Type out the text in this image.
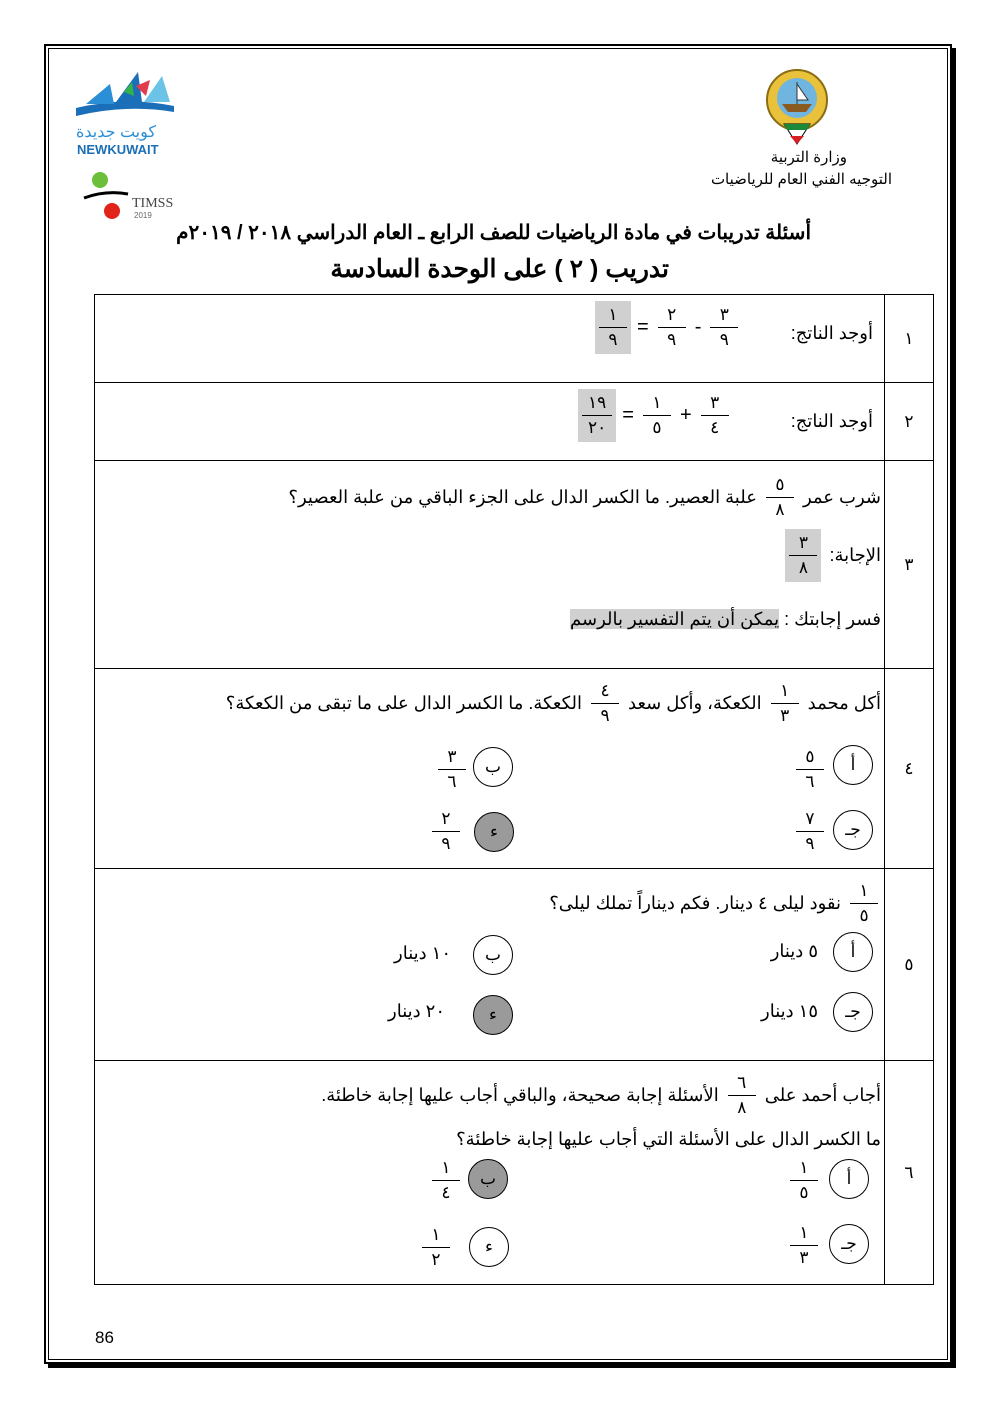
وزارة التربية
التوجيه الفني العام للرياضيات
كويت جديدة
NEWKUWAIT
TIMSS
2019
أسئلة تدريبات في مادة الرياضيات للصف الرابع ـ العام الدراسي ٢٠١٨ / ٢٠١٩م
تدريب ( ٢ ) على الوحدة السادسة
١
أوجد الناتج:
$\frac{١}{٩} = \frac{٢}{٩} - \frac{٣}{٩}$
٢
أوجد الناتج:
$\frac{١٩}{٢٠} = \frac{١}{٥} + \frac{٣}{٤}$
٣
شرب عمر
$\frac{٥}{٨}$
علبة العصير. ما الكسر الدال على الجزء الباقي من علبة العصير؟
الإجابة:
$\frac{٣}{٨}$
فسر إجابتك : يمكن أن يتم التفسير بالرسم
٤
أكل محمد
$\frac{١}{٣}$
الكعكة، وأكل سعد
$\frac{٤}{٩}$
الكعكة. ما الكسر الدال على ما تبقى من الكعكة؟
أ
٥
٦
ب
٣
٦
جـ
٧
٩
ء
٢
٩
٥
$\frac{١}{٥}$
نقود ليلى ٤ دينار. فكم ديناراً تملك ليلى؟
أ
٥ دينار
ب
١٠ دينار
جـ
١٥ دينار
ء
٢٠ دينار
٦
أجاب أحمد على
$\frac{٦}{٨}$
الأسئلة إجابة صحيحة، والباقي أجاب عليها إجابة خاطئة.
ما الكسر الدال على الأسئلة التي أجاب عليها إجابة خاطئة؟
أ
١
٥
ب
١
٤
جـ
١
٣
ء
١
٢
86
